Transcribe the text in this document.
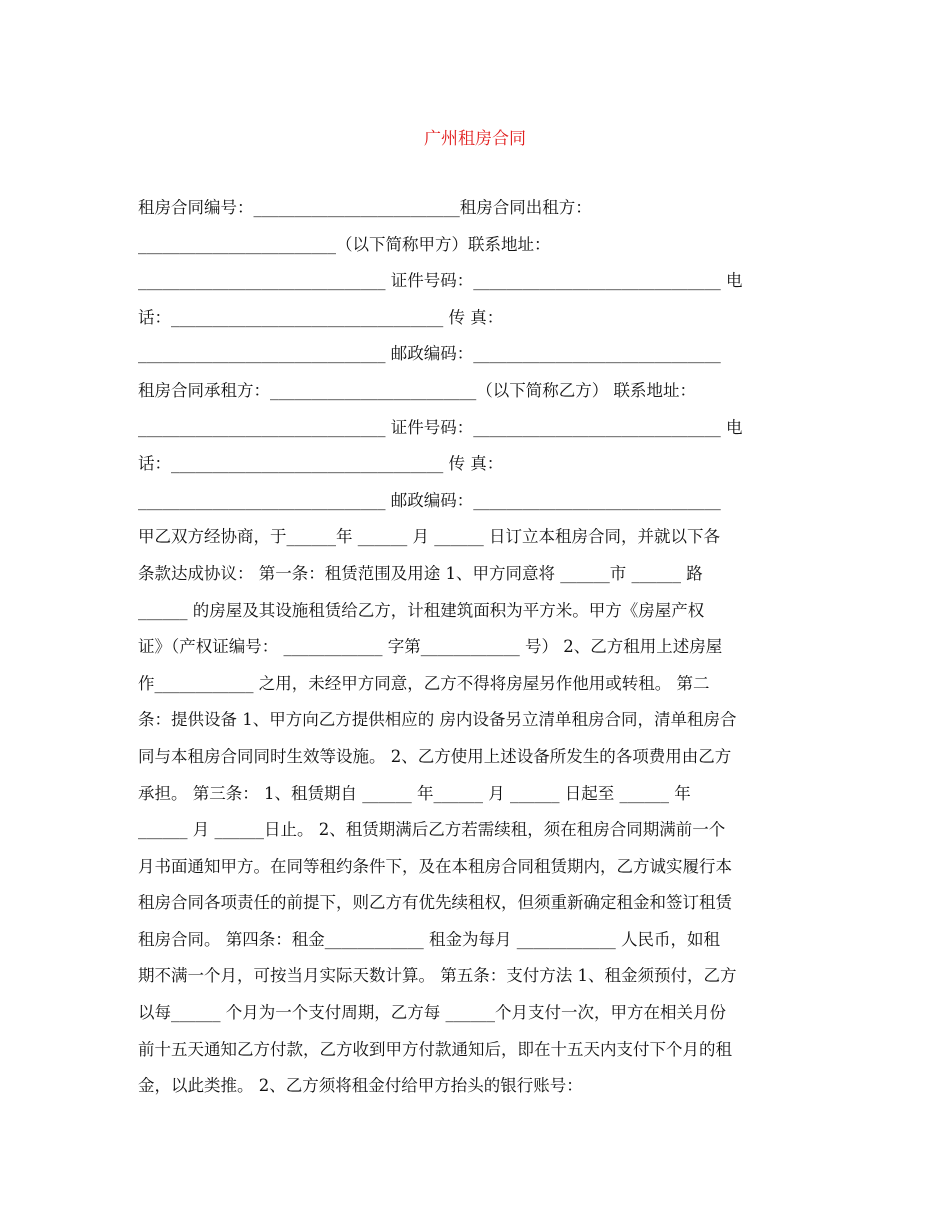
广州租房合同
租房合同编号：_________________________租房合同出租方：
________________________（以下简称甲方）联系地址：
______________________________ 证件号码：______________________________ 电
话：_________________________________ 传 真：
______________________________ 邮政编码：______________________________
租房合同承租方：_________________________（以下简称乙方） 联系地址：
______________________________ 证件号码：______________________________ 电
话：_________________________________ 传 真：
______________________________ 邮政编码：______________________________
甲乙双方经协商，于______年 ______ 月 ______ 日订立本租房合同，并就以下各
条款达成协议： 第一条：租赁范围及用途 1、甲方同意将 ______市 ______ 路
______ 的房屋及其设施租赁给乙方，计租建筑面积为平方米。甲方《房屋产权
证》（产权证编号： ____________ 字第____________ 号） 2、乙方租用上述房屋
作____________ 之用，未经甲方同意，乙方不得将房屋另作他用或转租。 第二
条：提供设备 1、甲方向乙方提供相应的 房内设备另立清单租房合同，清单租房合
同与本租房合同同时生效等设施。 2、乙方使用上述设备所发生的各项费用由乙方
承担。 第三条： 1、租赁期自 ______ 年______ 月 ______ 日起至 ______ 年
______ 月 ______日止。 2、租赁期满后乙方若需续租，须在租房合同期满前一个
月书面通知甲方。在同等租约条件下，及在本租房合同租赁期内，乙方诚实履行本
租房合同各项责任的前提下，则乙方有优先续租权，但须重新确定租金和签订租赁
租房合同。 第四条：租金____________ 租金为每月 ____________ 人民币，如租
期不满一个月，可按当月实际天数计算。 第五条：支付方法 1、租金须预付，乙方
以每______ 个月为一个支付周期，乙方每 ______个月支付一次，甲方在相关月份
前十五天通知乙方付款，乙方收到甲方付款通知后，即在十五天内支付下个月的租
金，以此类推。 2、乙方须将租金付给甲方抬头的银行账号：
